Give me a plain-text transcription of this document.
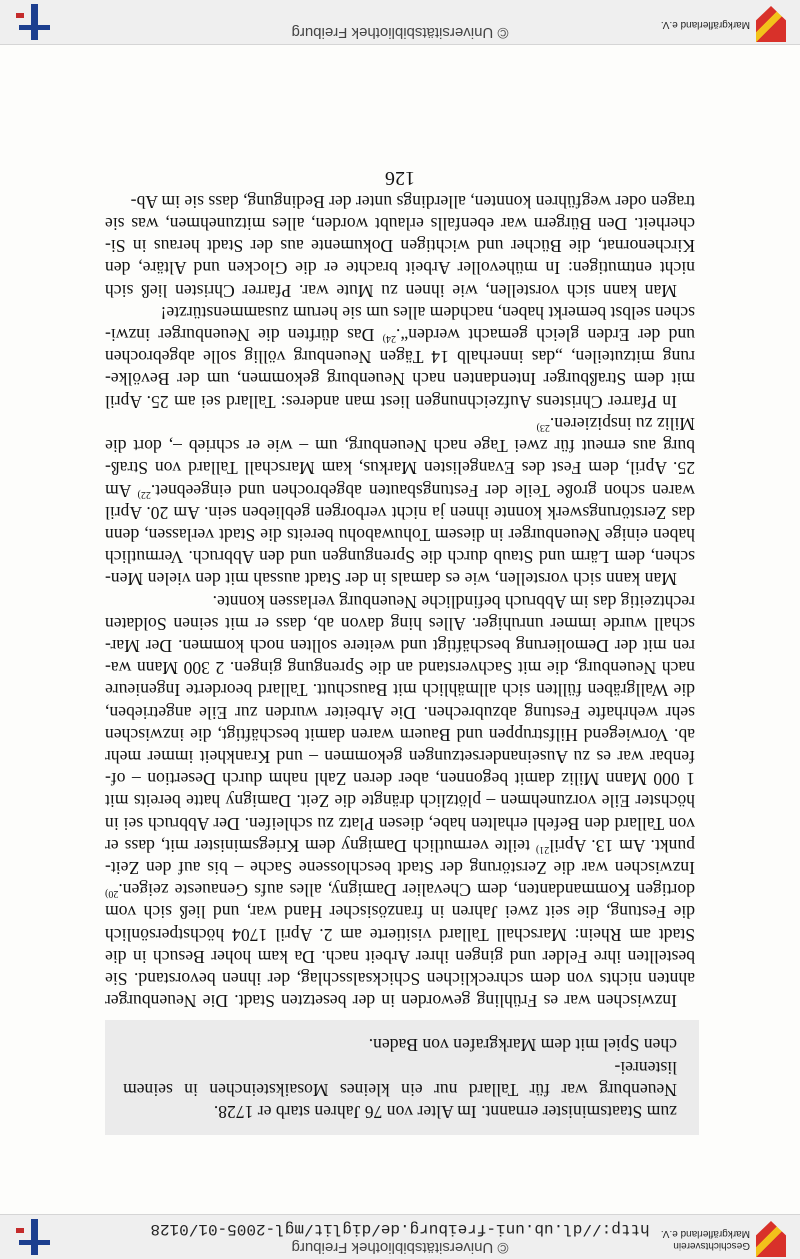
Geschichtsverein
Markgräflerland e.V.
© Universitätsbibliothek Freiburg
http://dl.ub.uni-freiburg.de/diglit/mgl-2005-01/0128
zum Staatsminister ernannt. Im Alter von 76 Jahren starb er 1728.
Neuenburg war für Tallard nur ein kleines Mosaiksteinchen in seinem listenrei-
chen Spiel mit dem Markgrafen von Baden.
Inzwischen war es Frühling geworden in der besetzten Stadt. Die Neuenburger
ahnten nichts von dem schrecklichen Schicksalsschlag, der ihnen bevorstand. Sie
bestellten ihre Felder und gingen ihrer Arbeit nach. Da kam hoher Besuch in die
Stadt am Rhein: Marschall Tallard visitierte am 2. April 1704 höchstpersönlich
die Festung, die seit zwei Jahren in französischer Hand war, und ließ sich vom
dortigen Kommandanten, dem Chevalier Damigny, alles aufs Genaueste zeigen.$^{20)}$
Inzwischen war die Zerstörung der Stadt beschlossene Sache – bis auf den Zeit-
punkt. Am 13. April$^{21)}$ teilte vermutlich Damigny dem Kriegsminister mit, dass er
von Tallard den Befehl erhalten habe, diesen Platz zu schleifen. Der Abbruch sei in
höchster Eile vorzunehmen – plötzlich drängte die Zeit. Damigny hatte bereits mit
1 000 Mann Miliz damit begonnen, aber deren Zahl nahm durch Desertion – of-
fenbar war es zu Auseinandersetzungen gekommen – und Krankheit immer mehr
ab. Vorwiegend Hilfstruppen und Bauern waren damit beschäftigt, die inzwischen
sehr wehrhafte Festung abzubrechen. Die Arbeiter wurden zur Eile angetrieben,
die Wallgräben füllten sich allmählich mit Bauschutt. Tallard beorderte Ingenieure
nach Neuenburg, die mit Sachverstand an die Sprengung gingen. 2 300 Mann wa-
ren mit der Demolierung beschäftigt und weitere sollten noch kommen. Der Mar-
schall wurde immer unruhiger. Alles hing davon ab, dass er mit seinen Soldaten
rechtzeitig das im Abbruch befindliche Neuenburg verlassen konnte.
Man kann sich vorstellen, wie es damals in der Stadt aussah mit den vielen Men-
schen, dem Lärm und Staub durch die Sprengungen und den Abbruch. Vermutlich
haben einige Neuenburger in diesem Tohuwabohu bereits die Stadt verlassen, denn
das Zerstörungswerk konnte ihnen ja nicht verborgen geblieben sein. Am 20. April
waren schon große Teile der Festungsbauten abgebrochen und eingeebnet.$^{22)}$ Am
25. April, dem Fest des Evangelisten Markus, kam Marschall Tallard von Straß-
burg aus erneut für zwei Tage nach Neuenburg, um – wie er schrieb –, dort die
Miliz zu inspizieren.$^{23)}$
In Pfarrer Christens Aufzeichnungen liest man anderes: Tallard sei am 25. April
mit dem Straßburger Intendanten nach Neuenburg gekommen, um der Bevölke-
rung mitzuteilen, „das innerhalb 14 Tägen Neuenburg völlig solle abgebrochen
und der Erden gleich gemacht werden“.$^{24)}$ Das dürften die Neuenburger inzwi-
schen selbst bemerkt haben, nachdem alles um sie herum zusammenstürzte!
Man kann sich vorstellen, wie ihnen zu Mute war. Pfarrer Christen ließ sich
nicht entmutigen: In mühevoller Arbeit brachte er die Glocken und Altäre, den
Kirchenornat, die Bücher und wichtigen Dokumente aus der Stadt heraus in Si-
cherheit. Den Bürgern war ebenfalls erlaubt worden, alles mitzunehmen, was sie
tragen oder wegführen konnten, allerdings unter der Bedingung, dass sie im Ab-
126
Markgräflerland e.V.
© Universitätsbibliothek Freiburg
